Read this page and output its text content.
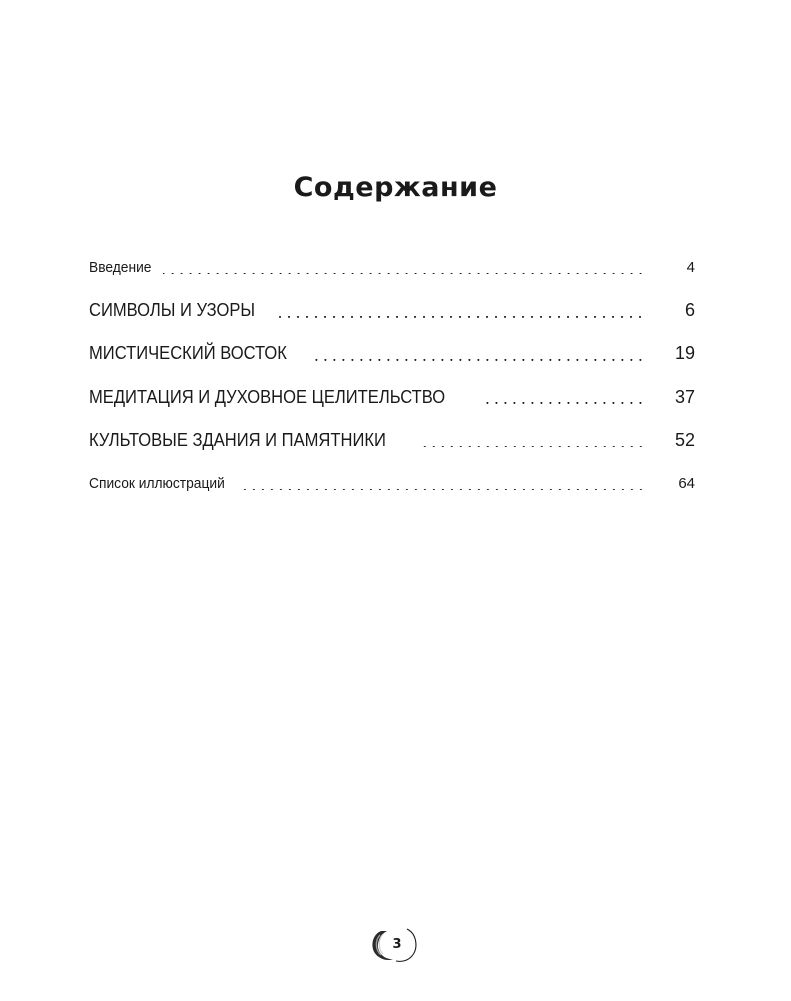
Содержание
Введение	4
СИМВОЛЫ И УЗОРЫ	6
МИСТИЧЕСКИЙ ВОСТОК	19
МЕДИТАЦИЯ И ДУХОВНОЕ ЦЕЛИТЕЛЬСТВО	37
КУЛЬТОВЫЕ ЗДАНИЯ И ПАМЯТНИКИ	52
Список иллюстраций	64
3
